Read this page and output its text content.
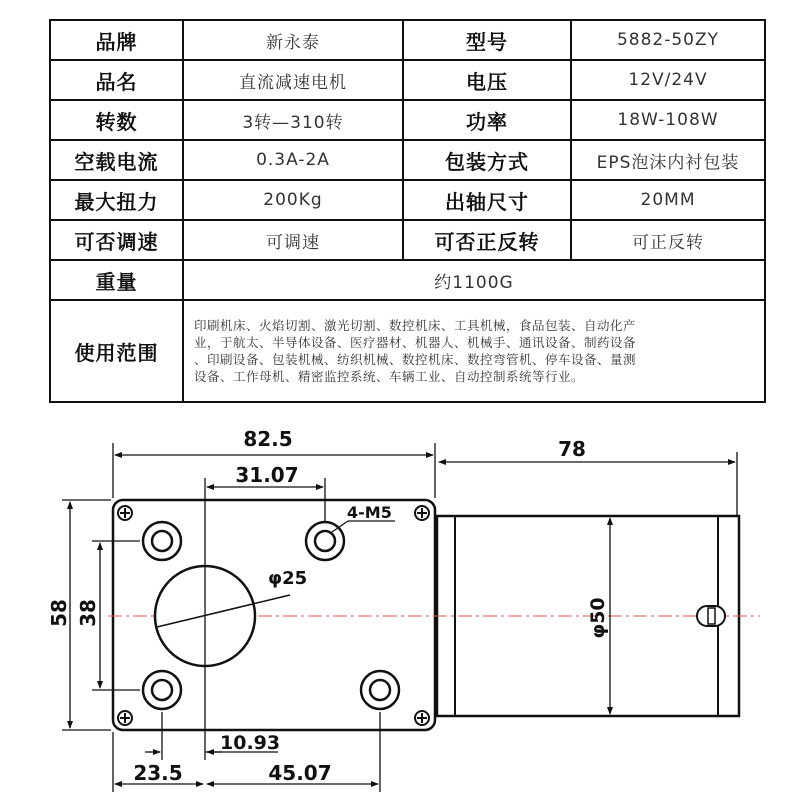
品牌	新永泰	型号	5882-50ZY
品名	直流减速电机	电压	12V/24V
转数	3转—310转	功率	18W-108W
空载电流	0.3A-2A	包装方式	EPS泡沫内衬包装
最大扭力	200Kg	出轴尺寸	20MM
可否调速	可调速	可否正反转	可正反转
重量	约1100G		
使用范围	印刷机床、火焰切割、激光切割、数控机床、工具机械，食品包装、自动化产
业，于航太、半导体设备、医疗器材、机器人、机械手、通讯设备、制药设备
、印刷设备、包装机械、纺织机械、数控机床、数控弯管机、停车设备、量测
设备、工作母机、精密监控系统、车辆工业、自动控制系统等行业。		
82.5	78
31.07
4-M5
φ25
58 38	φ50
10.93
23.5	45.07
